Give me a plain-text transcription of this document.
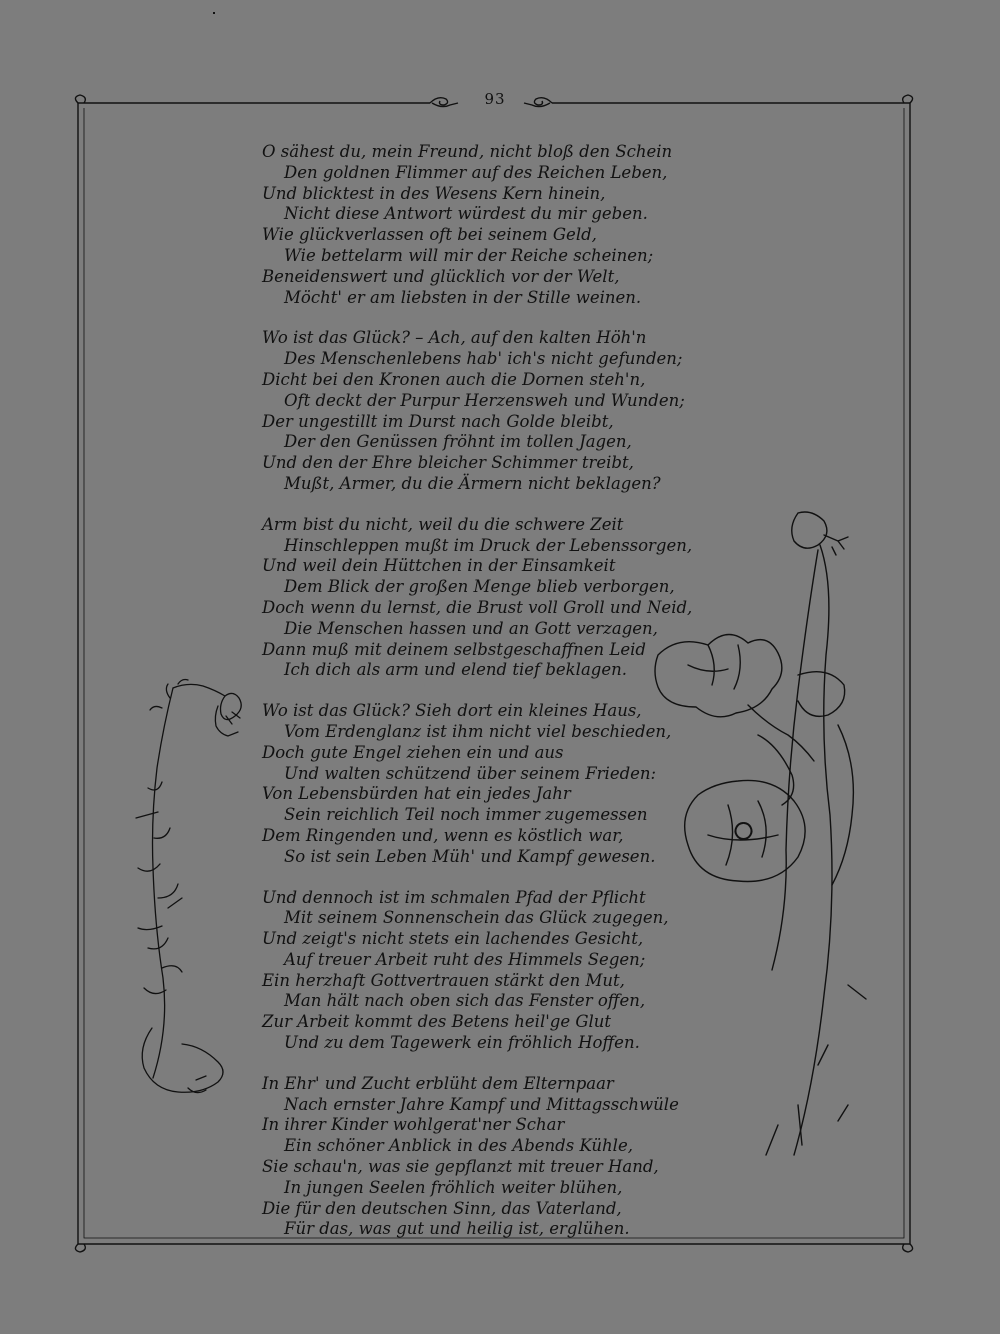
93
O sähest du, mein Freund, nicht bloß den Schein
Den goldnen Flimmer auf des Reichen Leben,
Und blicktest in des Wesens Kern hinein,
Nicht diese Antwort würdest du mir geben.
Wie glückverlassen oft bei seinem Geld,
Wie bettelarm will mir der Reiche scheinen;
Beneidenswert und glücklich vor der Welt,
Möcht' er am liebsten in der Stille weinen.
Wo ist das Glück? – Ach, auf den kalten Höh'n
Des Menschenlebens hab' ich's nicht gefunden;
Dicht bei den Kronen auch die Dornen steh'n,
Oft deckt der Purpur Herzensweh und Wunden;
Der ungestillt im Durst nach Golde bleibt,
Der den Genüssen fröhnt im tollen Jagen,
Und den der Ehre bleicher Schimmer treibt,
Mußt, Armer, du die Ärmern nicht beklagen?
Arm bist du nicht, weil du die schwere Zeit
Hinschleppen mußt im Druck der Lebenssorgen,
Und weil dein Hüttchen in der Einsamkeit
Dem Blick der großen Menge blieb verborgen,
Doch wenn du lernst, die Brust voll Groll und Neid,
Die Menschen hassen und an Gott verzagen,
Dann muß mit deinem selbstgeschaffnen Leid
Ich dich als arm und elend tief beklagen.
Wo ist das Glück? Sieh dort ein kleines Haus,
Vom Erdenglanz ist ihm nicht viel beschieden,
Doch gute Engel ziehen ein und aus
Und walten schützend über seinem Frieden:
Von Lebensbürden hat ein jedes Jahr
Sein reichlich Teil noch immer zugemessen
Dem Ringenden und, wenn es köstlich war,
So ist sein Leben Müh' und Kampf gewesen.
Und dennoch ist im schmalen Pfad der Pflicht
Mit seinem Sonnenschein das Glück zugegen,
Und zeigt's nicht stets ein lachendes Gesicht,
Auf treuer Arbeit ruht des Himmels Segen;
Ein herzhaft Gottvertrauen stärkt den Mut,
Man hält nach oben sich das Fenster offen,
Zur Arbeit kommt des Betens heil'ge Glut
Und zu dem Tagewerk ein fröhlich Hoffen.
In Ehr' und Zucht erblüht dem Elternpaar
Nach ernster Jahre Kampf und Mittagsschwüle
In ihrer Kinder wohlgerat'ner Schar
Ein schöner Anblick in des Abends Kühle,
Sie schau'n, was sie gepflanzt mit treuer Hand,
In jungen Seelen fröhlich weiter blühen,
Die für den deutschen Sinn, das Vaterland,
Für das, was gut und heilig ist, erglühen.
